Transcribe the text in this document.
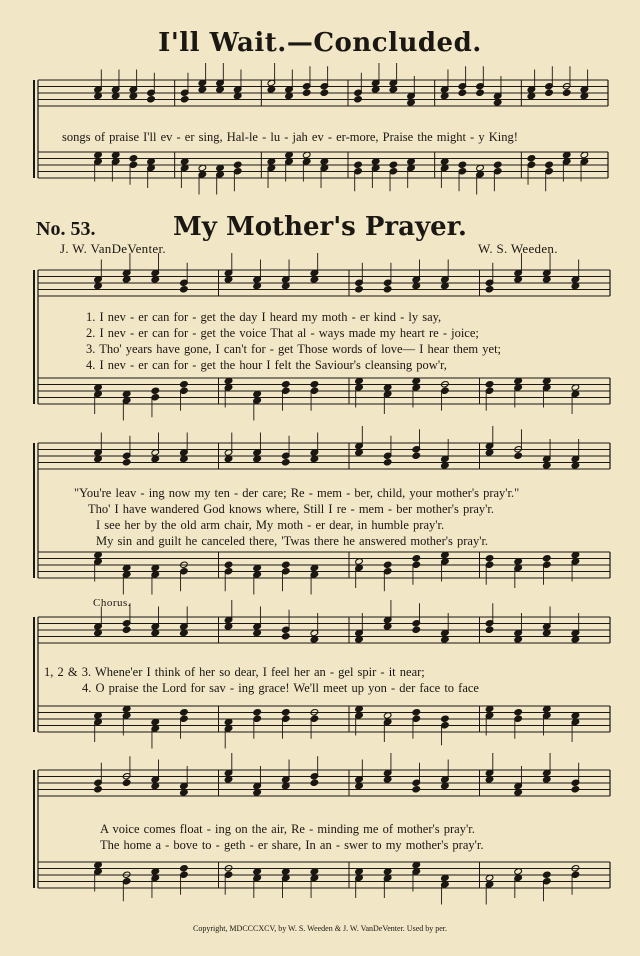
I'll Wait.—Concluded.
songs of praise I'll ev - er sing, Hal-le - lu - jah ev - er-more, Praise the might - y King!
No. 53.	My Mother's Prayer.
J. W. VanDeVenter.	W. S. Weeden.
1. I nev - er can for - get the day I heard my moth - er kind - ly say,
2. I nev - er can for - get the voice That al - ways made my heart re - joice;
3. Tho' years have gone, I can't for - get Those words of love— I hear them yet;
4. I nev - er can for - get the hour I felt the Saviour's cleansing pow'r,
"You're leav - ing now my ten - der care; Re - mem - ber, child, your mother's pray'r."
Tho' I have wandered God knows where, Still I re - mem - ber mother's pray'r.
I see her by the old arm chair, My moth - er dear, in humble pray'r.
My sin and guilt he canceled there, 'Twas there he answered mother's pray'r.
Chorus.
1, 2 & 3. Whene'er I think of her so dear, I feel her an - gel spir - it near;
4. O praise the Lord for sav - ing grace! We'll meet up yon - der face to face
A voice comes float - ing on the air, Re - minding me of mother's pray'r.
The home a - bove to - geth - er share, In an - swer to my mother's pray'r.
Copyright, MDCCCXCV, by W. S. Weeden & J. W. VanDeVenter. Used by per.
